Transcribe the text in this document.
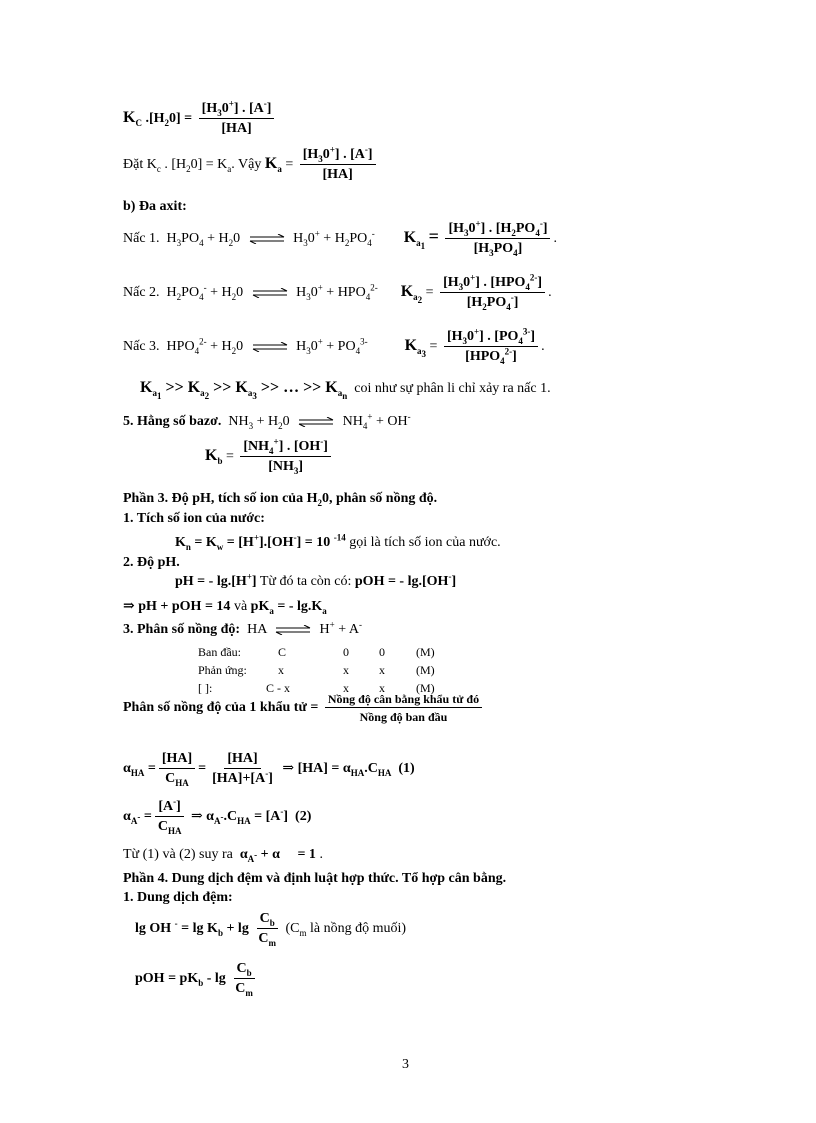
$K_C$ $.[H_20] = \frac{[H_30^+] . [A^-]}{[HA]}$
Đặt $K_c$ . $[H_20] = K_a$. Vậy $K_a = \frac{[H_30^+] . [A^-]}{[HA]}$
b) Đa axit:
Nấc 1.  $H_3PO_4 + H_20$ ⇌ $H_30^+ + H_2PO_4^-$ $K_{a_1} = \frac{[H_30^+] . [H_2PO_4^-]}{[H_3PO_4]}$ .
Nấc 2.  $H_2PO_4^- + H_20$ ⇌ $H_30^+ + HPO_4^{2-}$ $K_{a_2} = \frac{[H_30^+] . [HPO_4^{2-}]}{[H_2PO_4^-]}$ .
Nấc 3.  $HPO_4^{2-} + H_20$ ⇌ $H_30^+ + PO_4^{3-}$ $K_{a_3} = \frac{[H_30^+] . [PO_4^{3-}]}{[HPO_4^{2-}]}$ .
$K_{a_1} >> K_{a_2} >> K_{a_3}$ >> … >> $K_{a_n}$ coi như sự phân li chỉ xảy ra nấc 1.
5. Hằng số bazơ.  $NH_3 + H_20$ ⇌ $NH_4^+ + OH^-$
$K_b = \frac{[NH_4^+] . [OH^-]}{[NH_3]}$
Phần 3. Độ pH, tích số ion của $H_20$, phân số nồng độ.
1. Tích số ion của nước:
$K_n = K_w = [H^+].[OH^-] = 10$ $^{-14}$ gọi là tích số ion của nước.
2. Độ pH.
pH = - lg.[H+] Từ đó ta còn có: pOH = - lg.[OH-]
⇒ pH + pOH = 14 và $pK_a$ = - $\lg.K_a$
3. Phân số nồng độ:  HA ⇌ H+ + A-
Ban đầu:	C	0	0	(M)
Phản ứng:	x	x	x	(M)
[ ]:	C - x	x	x	(M)
Phân số nồng độ của 1 khẩu tử = $\frac{\text{Nồng độ cân bằng khẩu tử đó}}{\text{Nồng độ ban đầu}}$
$\alpha_{HA} = \frac{[HA]}{C_{HA}} = \frac{[HA]}{[HA]+[A^-]}$ ⇒ $[HA] = \alpha_{HA}.C_{HA}$  (1)
$\alpha_{A^-} = \frac{[A^-]}{C_{HA}}$ ⇒ $\alpha_{A^-}.C_{HA} = [A^-]$  (2)
Từ (1) và (2) suy ra $\alpha_{A^-} + \alpha$     = 1 .
Phần 4. Dung dịch đệm và định luật hợp thức. Tổ hợp cân bằng.
1. Dung dịch đệm:
lg OH $^- = \lg K_b + \lg \frac{C_b}{C_m} (C_m$ là nồng độ muối)
pOH = $pK_b$ - $\lg \frac{C_b}{C_m}$
3
